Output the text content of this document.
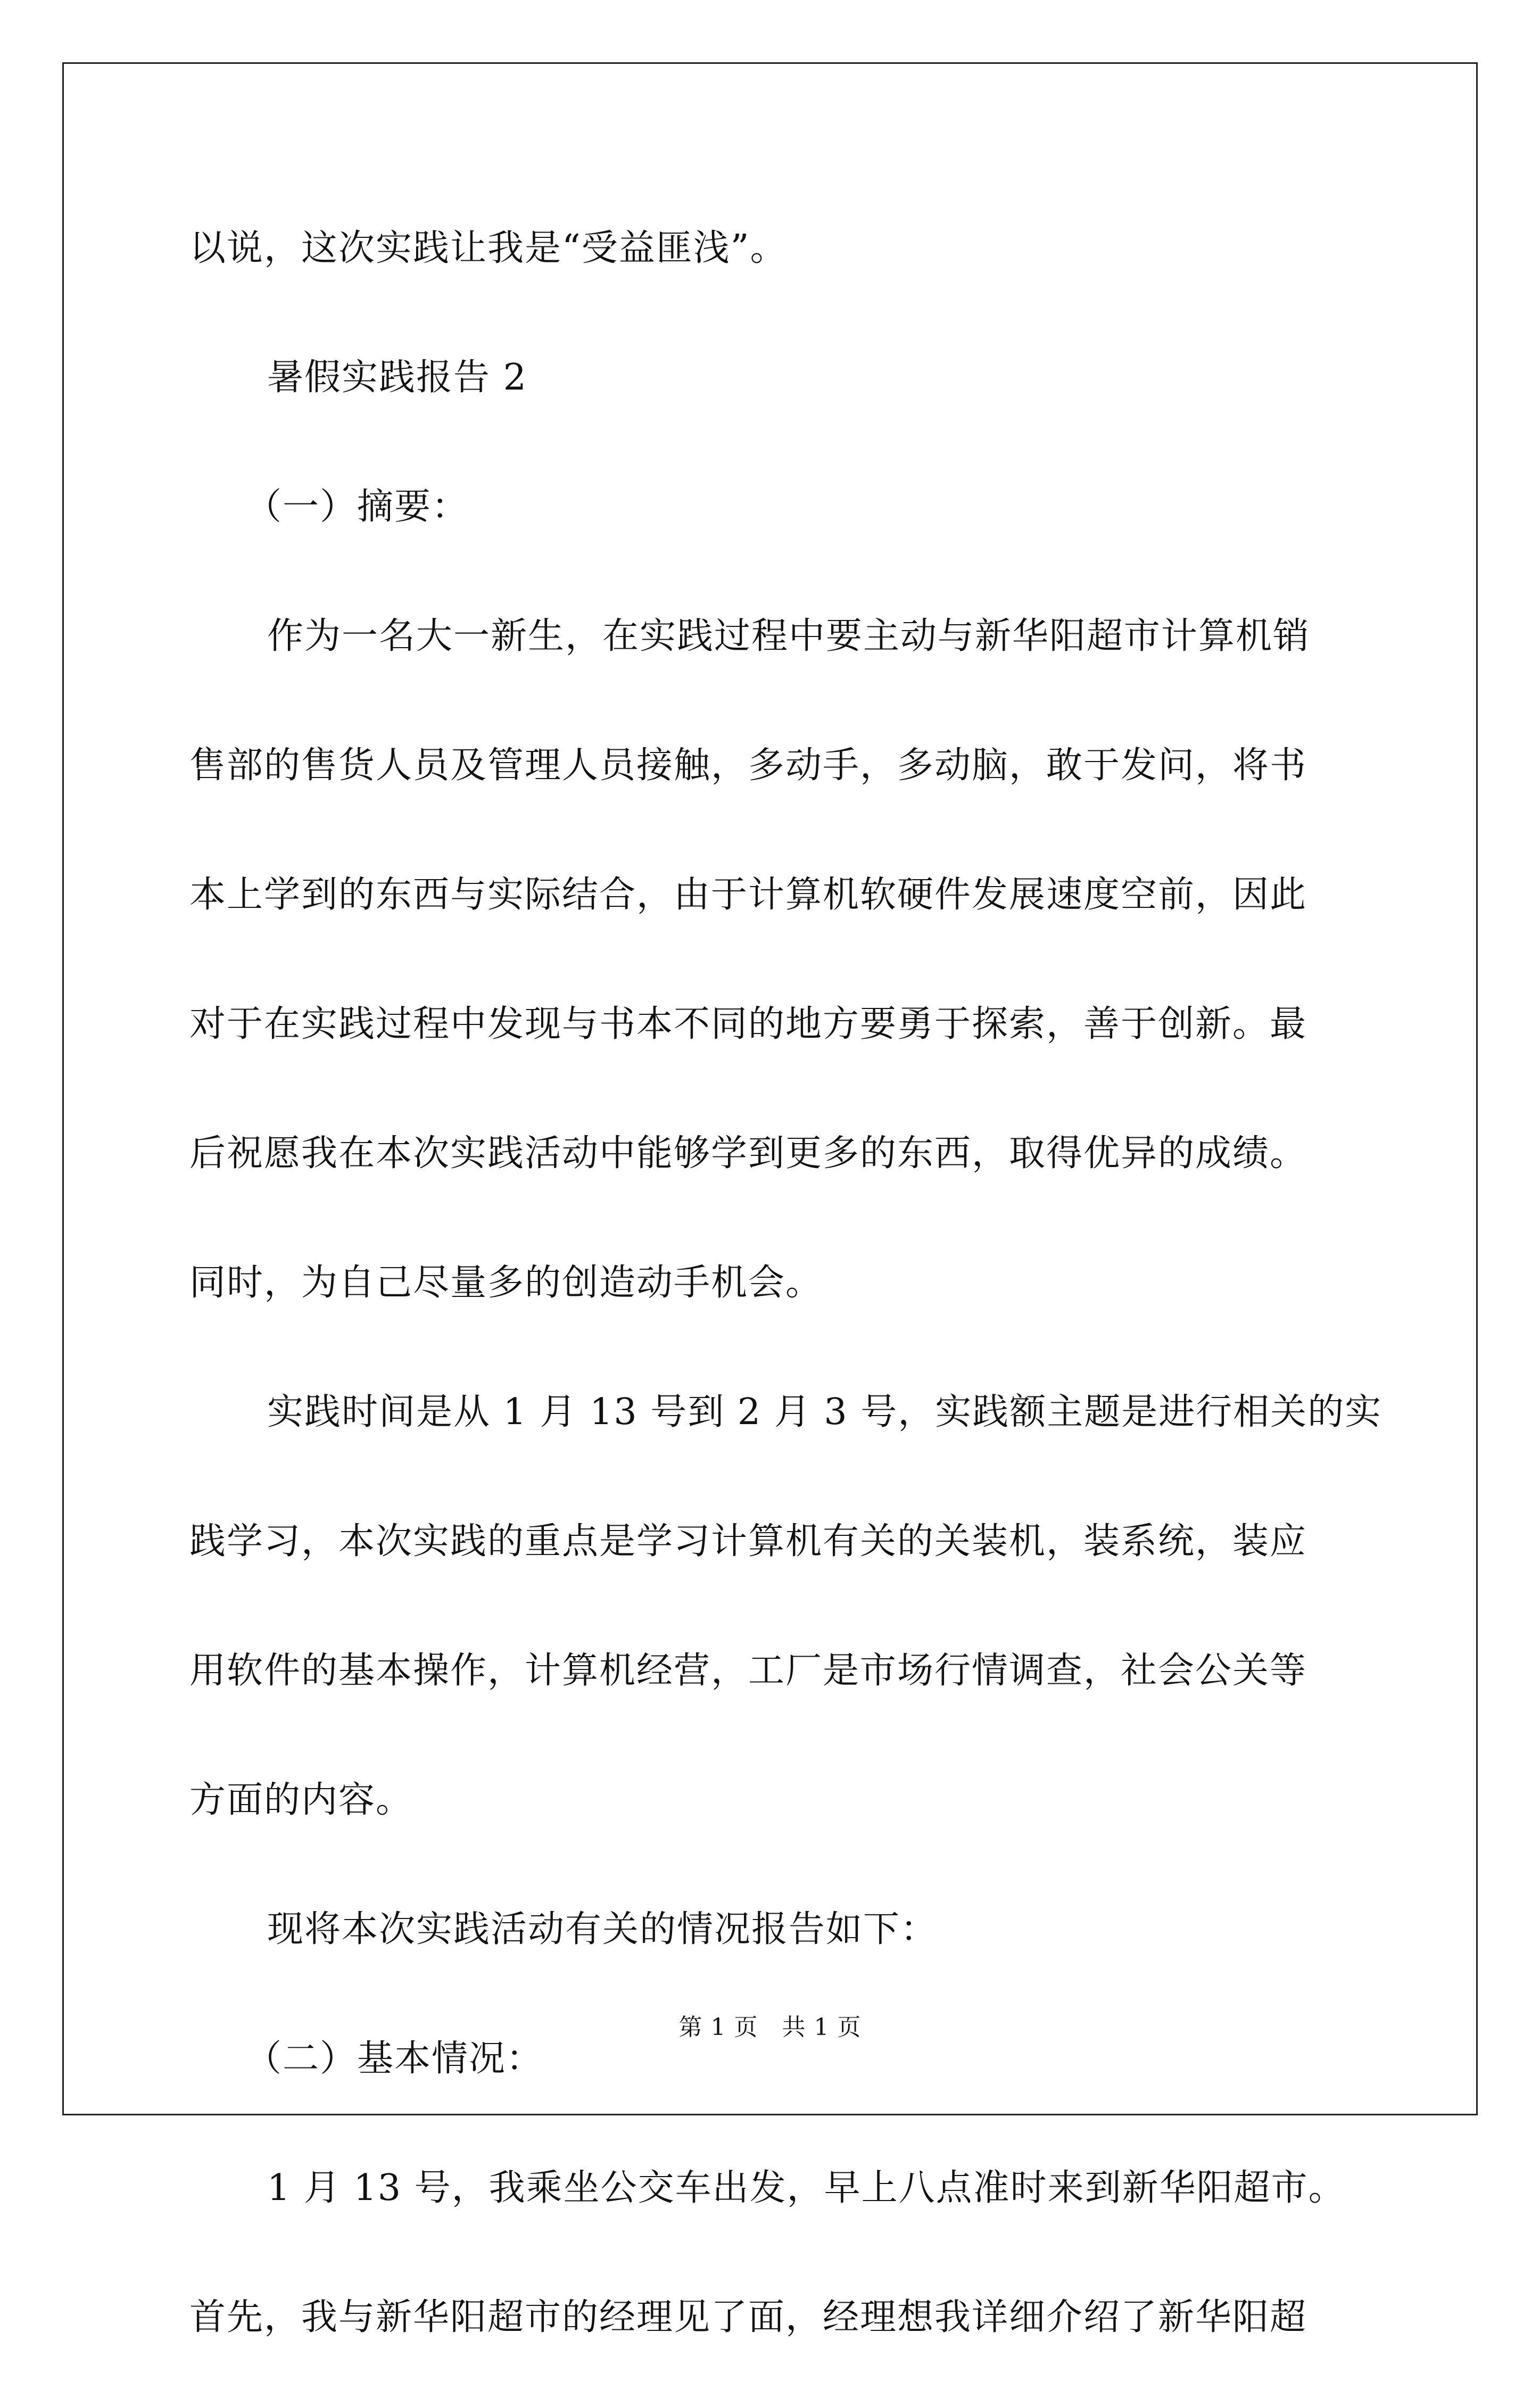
以说，这次实践让我是“受益匪浅”。
暑假实践报告 2
（一）摘要：
作为一名大一新生，在实践过程中要主动与新华阳超市计算机销
售部的售货人员及管理人员接触，多动手，多动脑，敢于发问，将书
本上学到的东西与实际结合，由于计算机软硬件发展速度空前，因此
对于在实践过程中发现与书本不同的地方要勇于探索，善于创新。最
后祝愿我在本次实践活动中能够学到更多的东西，取得优异的成绩。
同时，为自己尽量多的创造动手机会。
实践时间是从 1 月 13 号到 2 月 3 号，实践额主题是进行相关的实
践学习，本次实践的重点是学习计算机有关的关装机，装系统，装应
用软件的基本操作，计算机经营，工厂是市场行情调查，社会公关等
方面的内容。
现将本次实践活动有关的情况报告如下：
（二）基本情况：
1 月 13 号，我乘坐公交车出发，早上八点准时来到新华阳超市。
首先，我与新华阳超市的经理见了面，经理想我详细介绍了新华阳超
第 1 页　共 1 页
